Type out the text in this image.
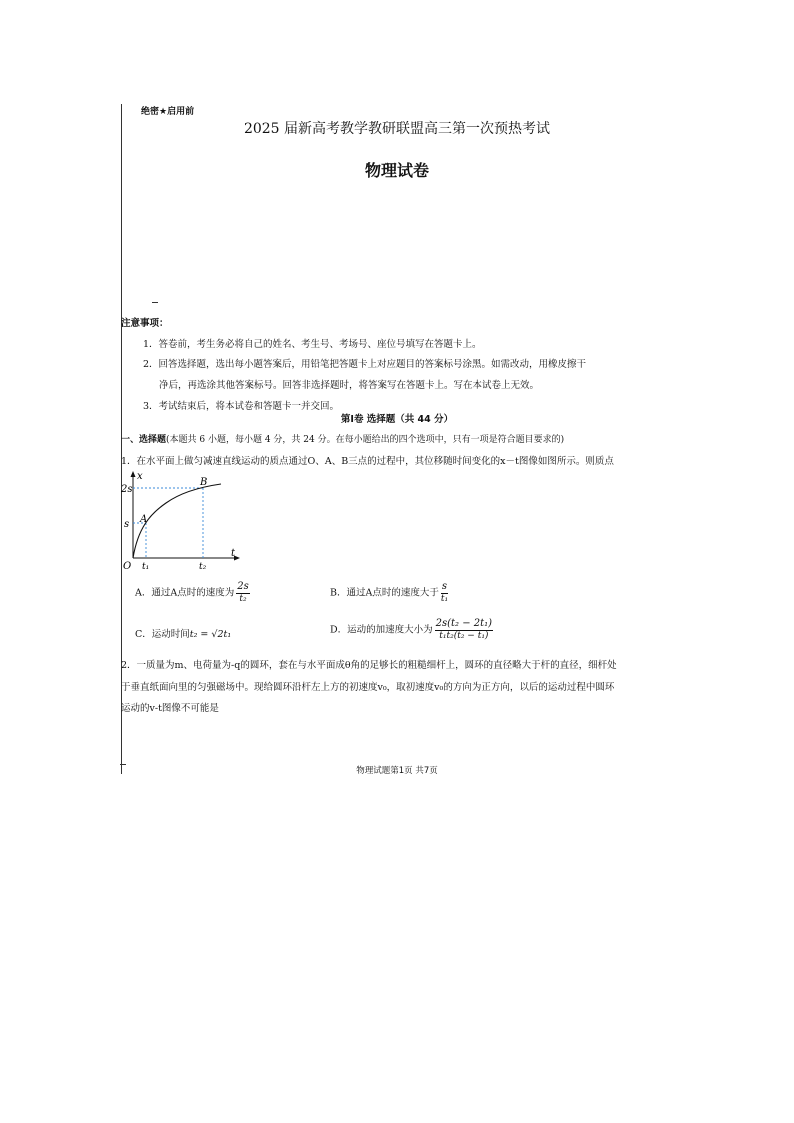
绝密★启用前
2025 届新高考教学教研联盟高三第一次预热考试
物理试卷
注意事项：
1．答卷前，考生务必将自己的姓名、考生号、考场号、座位号填写在答题卡上。
2．回答选择题，选出每小题答案后，用铅笔把答题卡上对应题目的答案标号涂黑。如需改动，用橡皮擦干
净后，再选涂其他答案标号。回答非选择题时，将答案写在答题卡上。写在本试卷上无效。
3．考试结束后，将本试卷和答题卡一并交回。
第Ⅰ卷 选择题（共 44 分）
一、选择题(本题共 6 小题，每小题 4 分，共 24 分。在每小题给出的四个选项中，只有一项是符合题目要求的)
1．在水平面上做匀减速直线运动的质点通过O、A、B三点的过程中，其位移随时间变化的x－t图像如图所示。则质点
x
t
2s
s
O t₁	t₂
A
B
A．通过A点时的速度为 $\frac{2s}{\text{t₂}}$	B．通过A点时的速度大于 $\frac{s}{\text{t₁}}$
C．运动时间t₂ = √2t₁	D．运动的加速度大小为 $\frac{\text{2s(t₂ − 2t₁)}}{\text{t₁t₂(t₂ − t₁)}}$
2．一质量为m、电荷量为-q的圆环，套在与水平面成θ角的足够长的粗糙细杆上，圆环的直径略大于杆的直径，细杆处
于垂直纸面向里的匀强磁场中。现给圆环沿杆左上方的初速度v₀，取初速度v₀的方向为正方向，以后的运动过程中圆环
运动的v-t图像不可能是
物理试题第1页 共7页
